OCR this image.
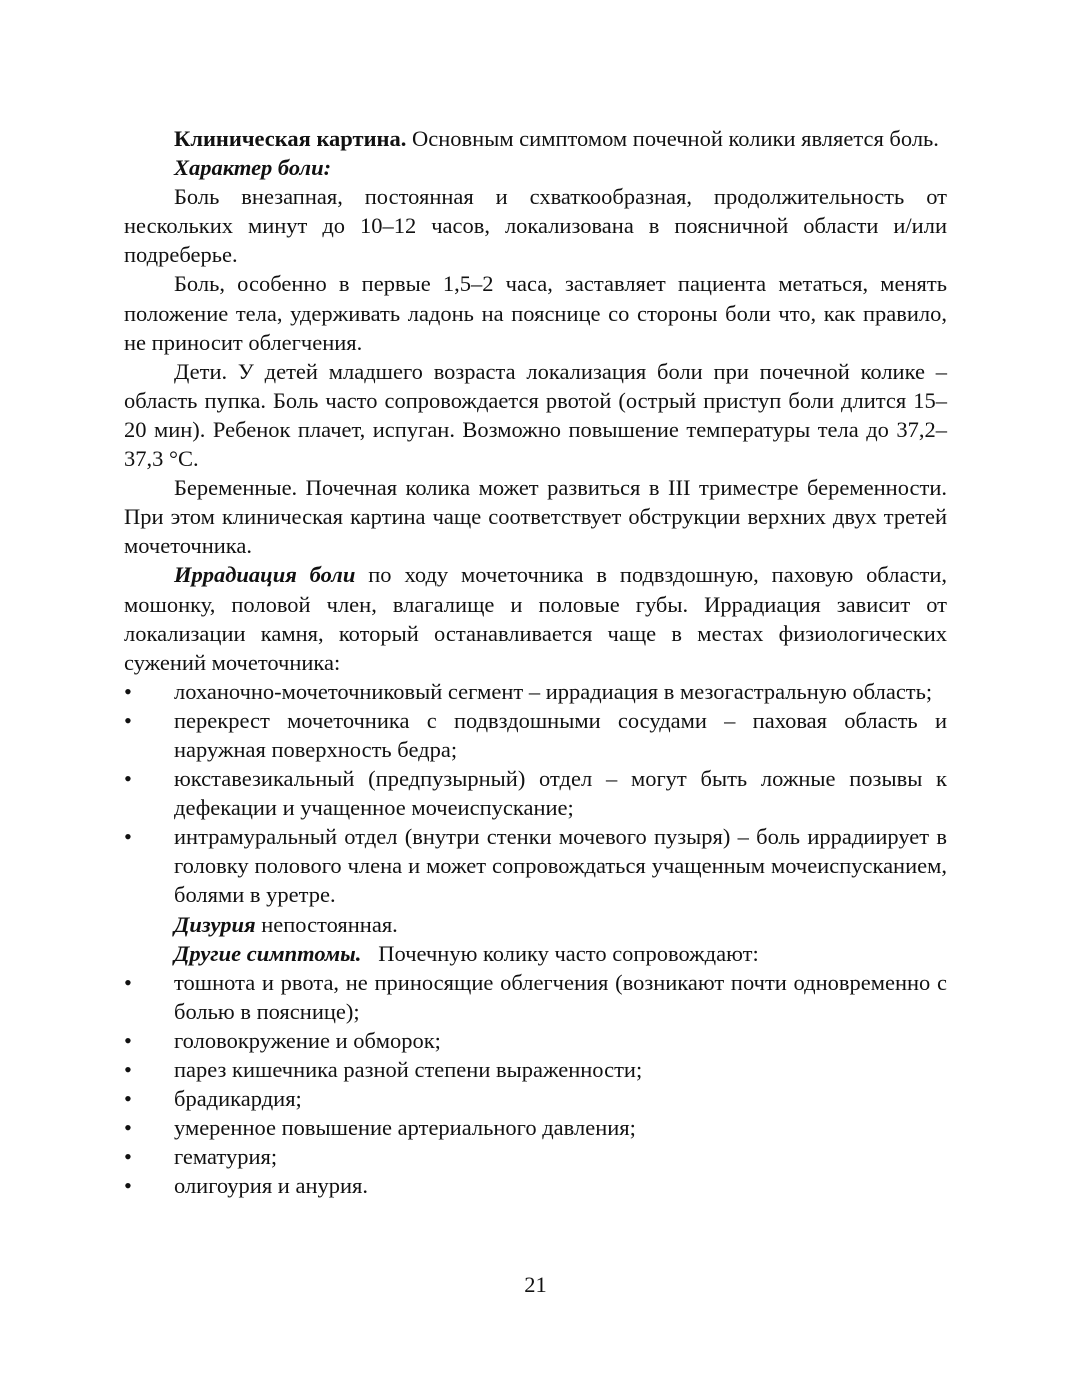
Клиническая картина. Основным симптомом почечной колики является боль.

Характер боли:

Боль внезапная, постоянная и схваткообразная, продолжительность от нескольких минут до 10–12 часов, локализована в поясничной области и/или подреберье.

Боль, особенно в первые 1,5–2 часа, заставляет пациента метаться, менять положение тела, удерживать ладонь на пояснице со стороны боли что, как правило, не приносит облегчения.

Дети. У детей младшего возраста локализация боли при почечной колике – область пупка. Боль часто сопровождается рвотой (острый приступ боли длится 15–20 мин). Ребенок плачет, испуган. Возможно повышение температуры тела до 37,2–37,3 °С.

Беременные. Почечная колика может развиться в III триместре беременности. При этом клиническая картина чаще соответствует обструкции верхних двух третей мочеточника.

Иррадиация боли по ходу мочеточника в подвздошную, паховую области, мошонку, половой член, влагалище и половые губы. Иррадиация зависит от локализации камня, который останавливается чаще в местах физиологических сужений мочеточника:

• лоханочно-мочеточниковый сегмент – иррадиация в мезогастральную область;
• перекрест мочеточника с подвздошными сосудами – паховая область и наружная поверхность бедра;
• юкставезикальный (предпузырный) отдел – могут быть ложные позывы к дефекации и учащенное мочеиспускание;
• интрамуральный отдел (внутри стенки мочевого пузыря) – боль иррадиирует в головку полового члена и может сопровождаться учащенным мочеиспусканием, болями в уретре.

Дизурия непостоянная.

Другие симптомы.   Почечную колику часто сопровождают:

• тошнота и рвота, не приносящие облегчения (возникают почти одновременно с болью в пояснице);
• головокружение и обморок;
• парез кишечника разной степени выраженности;
• брадикардия;
• умеренное повышение артериального давления;
• гематурия;
• олигоурия и анурия.
21
